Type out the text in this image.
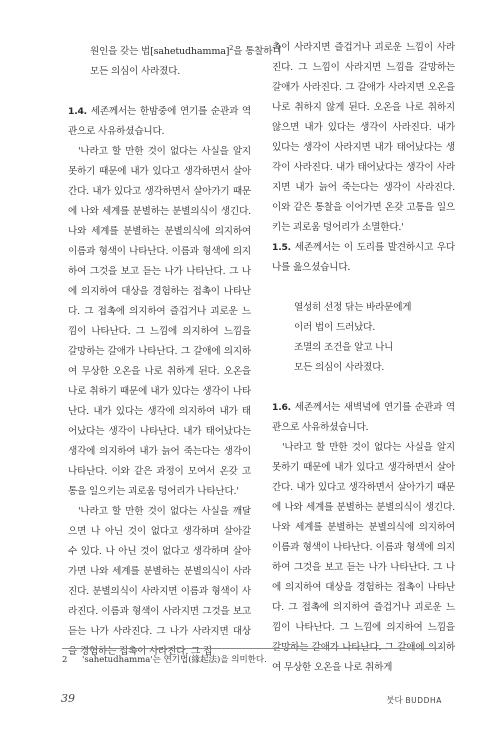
원인을 갖는 법[sahetudhamma]$^2$을 통찰하니
모든 의심이 사라졌다.

1.4. 세존께서는 한밤중에 연기를 순관과 역관으로 사유하셨습니다.

'나라고 할 만한 것이 없다는 사실을 알지 못하기 때문에 내가 있다고 생각하면서 살아간다. 내가 있다고 생각하면서 살아가기 때문에 나와 세계를 분별하는 분별의식이 생긴다. 나와 세계를 분별하는 분별의식에 의지하여 이름과 형색이 나타난다. 이름과 형색에 의지하여 그것을 보고 듣는 나가 나타난다. 그 나에 의지하여 대상을 경험하는 접촉이 나타난다. 그 접촉에 의지하여 즐겁거나 괴로운 느낌이 나타난다. 그 느낌에 의지하여 느낌을 갈망하는 갈애가 나타난다. 그 갈애에 의지하여 무상한 오온을 나로 취하게 된다. 오온을 나로 취하기 때문에 내가 있다는 생각이 나타난다. 내가 있다는 생각에 의지하여 내가 태어났다는 생각이 나타난다. 내가 태어났다는 생각에 의지하여 내가 늙어 죽는다는 생각이 나타난다. 이와 같은 과정이 모여서 온갖 고통을 일으키는 괴로움 덩어리가 나타난다.'

'나라고 할 만한 것이 없다는 사실을 깨달으면 나 아닌 것이 없다고 생각하며 살아갈 수 있다. 나 아닌 것이 없다고 생각하며 살아가면 나와 세계를 분별하는 분별의식이 사라진다. 분별의식이 사라지면 이름과 형색이 사라진다. 이름과 형색이 사라지면 그것을 보고 듣는 나가 사라진다. 그 나가 사라지면 대상을 경험하는 접촉이 사라진다. 그 접

촉이 사라지면 즐겁거나 괴로운 느낌이 사라진다. 그 느낌이 사라지면 느낌을 갈망하는 갈애가 사라진다. 그 갈애가 사라지면 오온을 나로 취하지 않게 된다. 오온을 나로 취하지 않으면 내가 있다는 생각이 사라진다. 내가 있다는 생각이 사라지면 내가 태어났다는 생각이 사라진다. 내가 태어났다는 생각이 사라지면 내가 늙어 죽는다는 생각이 사라진다. 이와 같은 통찰을 이어가면 온갖 고통을 일으키는 괴로움 덩어리가 소멸한다.'

1.5. 세존께서는 이 도리를 발견하시고 우다나를 읊으셨습니다.

열성히 선정 닦는 바라문에게
이러 법이 드러났다.
조멸의 조건을 알고 나니
모든 의심이 사라졌다.

1.6. 세존께서는 새벽녘에 연기를 순관과 역관으로 사유하셨습니다.

'나라고 할 만한 것이 없다는 사실을 알지 못하기 때문에 내가 있다고 생각하면서 살아간다. 내가 있다고 생각하면서 살아가기 때문에 나와 세계를 분별하는 분별의식이 생긴다. 나와 세계를 분별하는 분별의식에 의지하여 이름과 형색이 나타난다. 이름과 형색에 의지하여 그것을 보고 듣는 나가 나타난다. 그 나에 의지하여 대상을 경험하는 접촉이 나타난다. 그 접촉에 의지하여 즐겁거나 괴로운 느낌이 나타난다. 그 느낌에 의지하여 느낌을 갈망하는 갈애가 나타난다. 그 갈애에 의지하여 무상한 오온을 나로 취하게

2 'sahetudhamma'는 연기법(緣起法)을 의미한다.
39	붓다 BUDDHA
